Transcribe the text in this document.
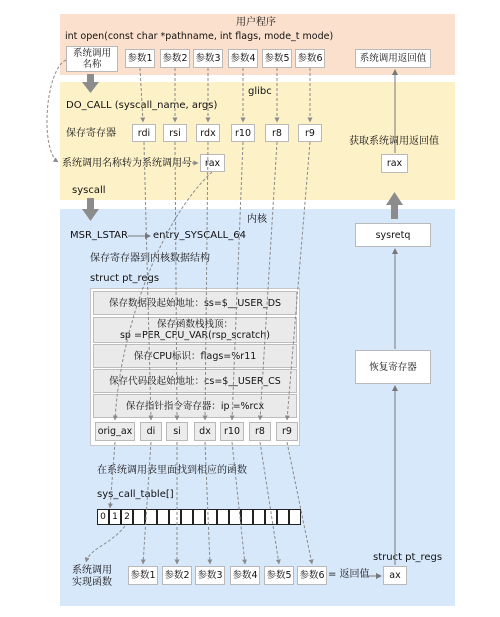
用户程序
int open(const char *pathname, int flags, mode_t mode)
系统调用
名称
参数1 参数2 参数3 参数4 参数5 参数6	系统调用返回值
glibc
DO_CALL (syscall_name, args)
保存寄存器	rdi	rsi	rdx	r10	r8	r9
获取系统调用返回值
系统调用名称转为系统调用号	rax	rax
syscall
内核
MSR_LSTAR	entry_SYSCALL_64
保存寄存器到内核数据结构
struct pt_regs
保存数据段起始地址：ss=$__USER_DS
保存函数栈栈顶：
sp =PER_CPU_VAR(rsp_scratch)
保存CPU标识：flags=%r11
保存代码段起始地址：cs=$__USER_CS
保存指针指令寄存器：ip =%rcx
orig_ax	di	si	dx	r10	r8	r9
在系统调用表里面找到相应的函数
sys_call_table[]
0 1 2
系统调用
实现函数
参数1 参数2 参数3 参数4 参数5 参数6 = 返回值
struct pt_regs
ax
sysretq
恢复寄存器
